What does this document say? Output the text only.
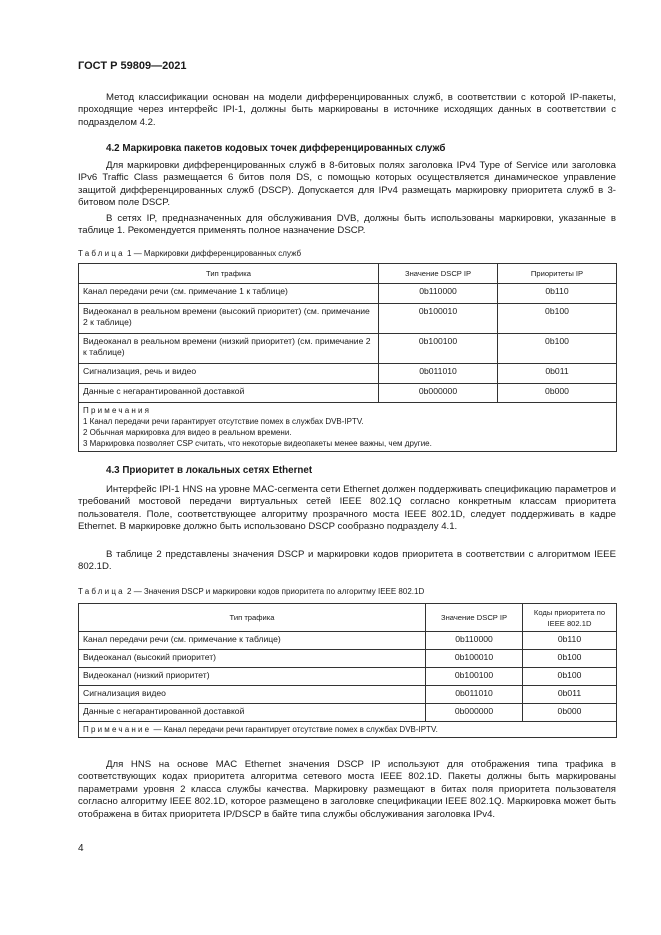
ГОСТ Р 59809—2021

Метод классификации основан на модели дифференцированных служб, в соответствии с которой IP-пакеты, проходящие через интерфейс IPI-1, должны быть маркированы в источнике исходящих данных в соответствии с подразделом 4.2.

4.2 Маркировка пакетов кодовых точек дифференцированных служб

Для маркировки дифференцированных служб в 8-битовых полях заголовка IPv4 Type of Service или заголовка IPv6 Traffic Class размещается 6 битов поля DS, с помощью которых осуществляется динамическое управление защитой дифференцированных служб (DSCP). Допускается для IPv4 размещать маркировку приоритета служб в 3-битовом поле DSCP.

В сетях IP, предназначенных для обслуживания DVB, должны быть использованы маркировки, указанные в таблице 1. Рекомендуется применять полное назначение DSCP.

Таблица 1 — Маркировки дифференцированных служб

Тип трафика	Значение DSCP IP	Приоритеты IP
Канал передачи речи (см. примечание 1 к таблице)	0b110000	0b110
Видеоканал в реальном времени (высокий приоритет) (см. примечание 2 к таблице)	0b100010	0b100
Видеоканал в реальном времени (низкий приоритет) (см. примечание 2 к таблице)	0b100100	0b100
Сигнализация, речь и видео	0b011010	0b011
Данные с негарантированной доставкой	0b000000	0b000

Примечания
1 Канал передачи речи гарантирует отсутствие помех в службах DVB-IPTV.
2 Обычная маркировка для видео в реальном времени.
3 Маркировка позволяет CSP считать, что некоторые видеопакеты менее важны, чем другие.		
4.3 Приоритет в локальных сетях Ethernet

Интерфейс IPI-1 HNS на уровне MAC-сегмента сети Ethernet должен поддерживать спецификацию параметров и требований мостовой передачи виртуальных сетей IEEE 802.1Q согласно конкретным классам приоритета пользователя. Поле, соответствующее алгоритму прозрачного моста IEEE 802.1D, следует поддерживать в кадре Ethernet. В маркировке должно быть использовано DSCP сообразно подразделу 4.1.

В таблице 2 представлены значения DSCP и маркировки кодов приоритета в соответствии с алгоритмом IEEE 802.1D.

Таблица 2 — Значения DSCP и маркировки кодов приоритета по алгоритму IEEE 802.1D

Тип трафика	Значение DSCP IP	Коды приоритета по IEEE 802.1D
Канал передачи речи (см. примечание к таблице)	0b110000	0b110
Видеоканал (высокий приоритет)	0b100010	0b100
Видеоканал (низкий приоритет)	0b100100	0b100
Сигнализация видео	0b011010	0b011
Данные с негарантированной доставкой	0b000000	0b000
Примечание — Канал передачи речи гарантирует отсутствие помех в службах DVB-IPTV.		

Для HNS на основе MAC Ethernet значения DSCP IP используют для отображения типа трафика в соответствующих кодах приоритета алгоритма сетевого моста IEEE 802.1D. Пакеты должны быть маркированы параметрами уровня 2 класса службы качества. Маркировку размещают в битах поля приоритета пользователя согласно алгоритму IEEE 802.1D, которое размещено в заголовке спецификации IEEE 802.1Q. Маркировка может быть отображена в битах приоритета IP/DSCP в байте типа службы обслуживания заголовка IPv4.

4
